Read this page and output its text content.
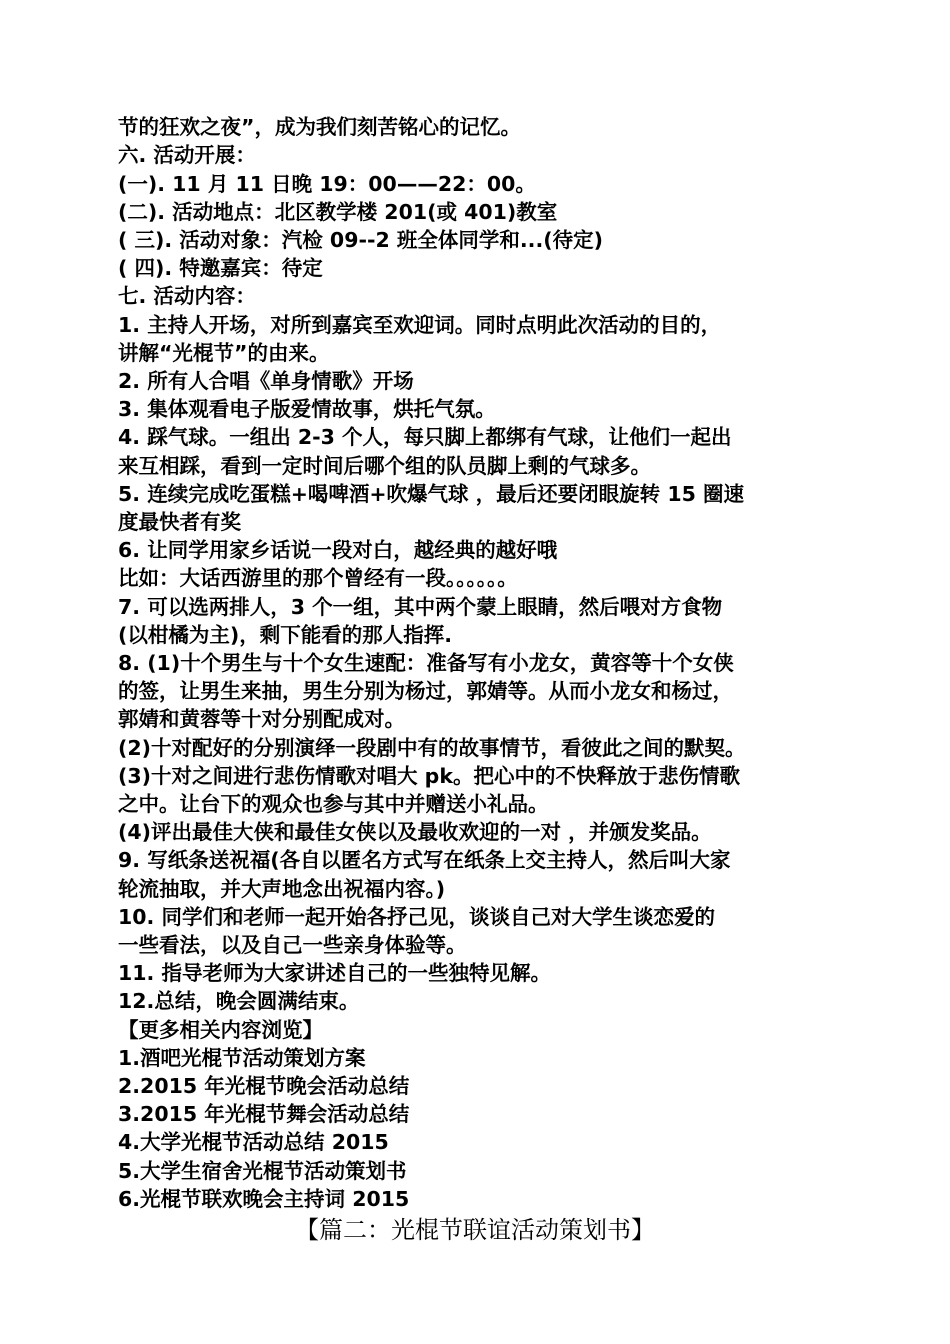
节的狂欢之夜”，成为我们刻苦铭心的记忆。
六. 活动开展：
(一). 11 月 11 日晚 19：00——22：00。
(二). 活动地点：北区教学楼 201(或 401)教室
( 三). 活动对象：汽检 09--2 班全体同学和...(待定)
( 四). 特邀嘉宾：待定
七. 活动内容：
1. 主持人开场，对所到嘉宾至欢迎词。同时点明此次活动的目的，
讲解“光棍节”的由来。
2. 所有人合唱《单身情歌》开场
3. 集体观看电子版爱情故事，烘托气氛。
4. 踩气球。一组出 2-3 个人，每只脚上都绑有气球，让他们一起出
来互相踩，看到一定时间后哪个组的队员脚上剩的气球多。
5. 连续完成吃蛋糕+喝啤酒+吹爆气球 ，最后还要闭眼旋转 15 圈速
度最快者有奖
6. 让同学用家乡话说一段对白，越经典的越好哦
比如：大话西游里的那个曾经有一段。。。。。。
7. 可以选两排人，3 个一组，其中两个蒙上眼睛，然后喂对方食物
(以柑橘为主)，剩下能看的那人指挥.
8. (1)十个男生与十个女生速配：准备写有小龙女，黄容等十个女侠
的签，让男生来抽，男生分别为杨过，郭婧等。从而小龙女和杨过，
郭婧和黄蓉等十对分别配成对。
(2)十对配好的分别演绎一段剧中有的故事情节，看彼此之间的默契。
(3)十对之间进行悲伤情歌对唱大 pk。把心中的不快释放于悲伤情歌
之中。让台下的观众也参与其中并赠送小礼品。
(4)评出最佳大侠和最佳女侠以及最收欢迎的一对 ，并颁发奖品。
9. 写纸条送祝福(各自以匿名方式写在纸条上交主持人，然后叫大家
轮流抽取，并大声地念出祝福内容。)
10. 同学们和老师一起开始各抒己见，谈谈自己对大学生谈恋爱的
一些看法，以及自己一些亲身体验等。
11. 指导老师为大家讲述自己的一些独特见解。
12.总结，晚会圆满结束。
【更多相关内容浏览】
1.酒吧光棍节活动策划方案
2.2015 年光棍节晚会活动总结
3.2015 年光棍节舞会活动总结
4.大学光棍节活动总结 2015
5.大学生宿舍光棍节活动策划书
6.光棍节联欢晚会主持词 2015
【篇二：光棍节联谊活动策划书】
